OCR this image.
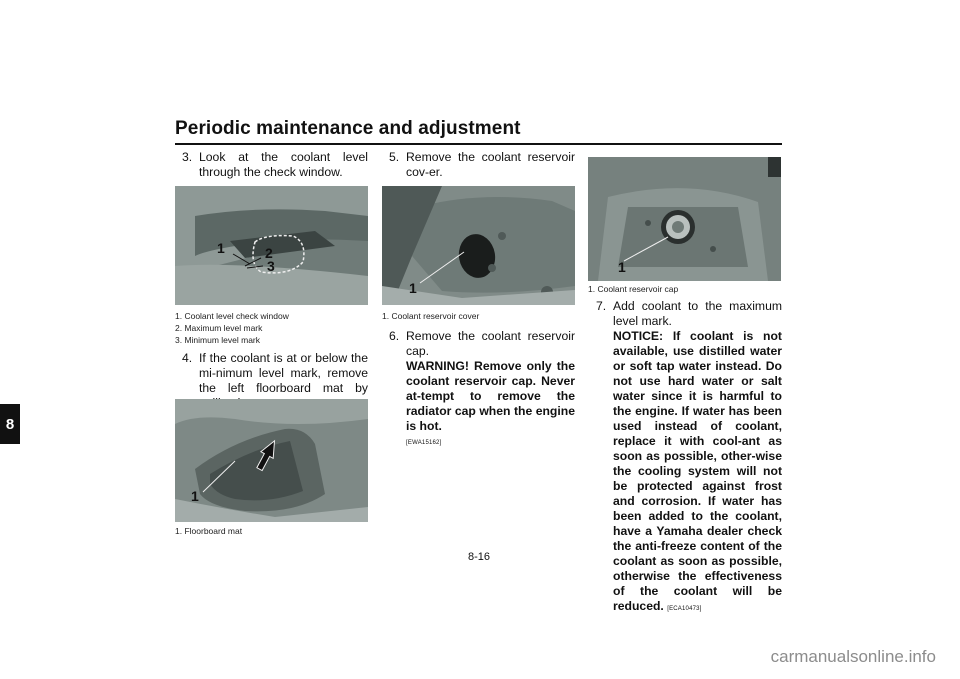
Periodic maintenance and adjustment
8
3. Look at the coolant level through the check window.
1	2
3
1. Coolant level check window
2. Maximum level mark
3. Minimum level mark
4. If the coolant is at or below the mi-nimum level mark, remove the left floorboard mat by
1
1. Floorboard mat
5. Remove the coolant reservoir cov-er.
1
1. Coolant reservoir cover
6. Remove the coolant reservoir cap.
WARNING! Remove only the coolant reservoir cap. Never at-tempt to remove the radiator cap when the engine is hot.
[EWA15162]
1
1. Coolant reservoir cap
7. Add coolant to the maximum level mark.
NOTICE: If coolant is not available, use distilled water or soft tap water instead. Do not use hard water or salt water since it is harmful to the engine. If water has been used instead of coolant, replace it with cool-ant as soon as possible, other-wise the cooling system will not be protected against frost and corrosion. If water has been added to the coolant, have a Yamaha dealer check the anti-freeze content of the coolant as soon as possible, otherwise the effectiveness of the coolant will be reduced. [ECA10473]
8-16
carmanualsonline.info
